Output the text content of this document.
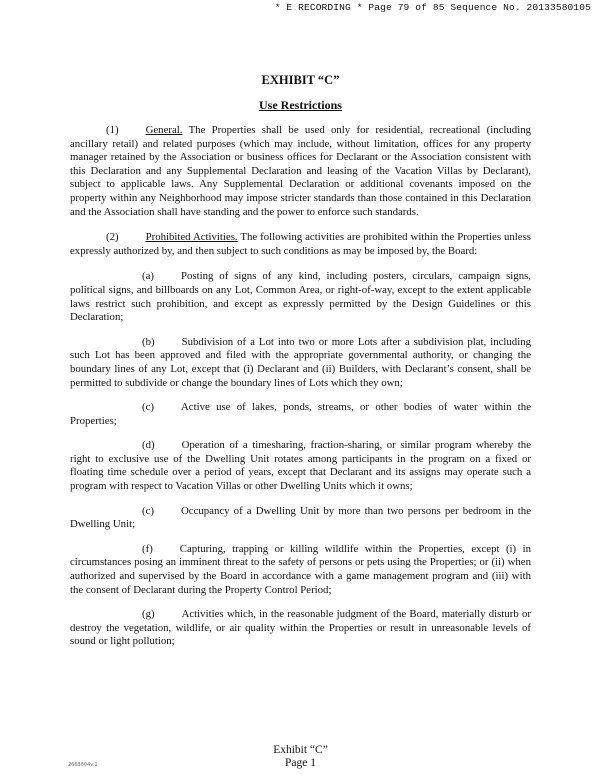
* E RECORDING * Page 79 of 85 Sequence No. 20133580105
EXHIBIT “C”
Use Restrictions

(1)   	General. The Properties shall be used only for residential, recreational (including ancillary retail) and related purposes (which may include, without limitation, offices for any property manager retained by the Association or business offices for Declarant or the Association consistent with this Declaration and any Supplemental Declaration and leasing of the Vacation Villas by Declarant), subject to applicable laws. Any Supplemental Declaration or additional covenants imposed on the property within any Neighborhood may impose stricter standards than those contained in this Declaration and the Association shall have standing and the power to enforce such standards.

(2)   	Prohibited Activities. The following activities are prohibited within the Properties unless expressly authorized by, and then subject to such conditions as may be imposed by, the Board:

(a)   	Posting of signs of any kind, including posters, circulars, campaign signs, political signs, and billboards on any Lot, Common Area, or right-of-way, except to the extent applicable laws restrict such prohibition, and except as expressly permitted by the Design Guidelines or this Declaration;

(b)   	Subdivision of a Lot into two or more Lots after a subdivision plat, including such Lot has been approved and filed with the appropriate governmental authority, or changing the boundary lines of any Lot, except that (i) Declarant and (ii) Builders, with Declarant’s consent, shall be permitted to subdivide or change the boundary lines of Lots which they own;

(c)   	Active use of lakes, ponds, streams, or other bodies of water within the Properties;

(d)   	Operation of a timesharing, fraction-sharing, or similar program whereby the right to exclusive use of the Dwelling Unit rotates among participants in the program on a fixed or floating time schedule over a period of years, except that Declarant and its assigns may operate such a program with respect to Vacation Villas or other Dwelling Units which it owns;

(c)   	Occupancy of a Dwelling Unit by more than two persons per bedroom in the Dwelling Unit;

(f)   	Capturing, trapping or killing wildlife within the Properties, except (i) in circumstances posing an imminent threat to the safety of persons or pets using the Properties; or (ii) when authorized and supervised by the Board in accordance with a game management program and (iii) with the consent of Declarant during the Property Control Period;

(g)   	Activities which, in the reasonable judgment of the Board, materially disturb or destroy the vegetation, wildlife, or air quality within the Properties or result in unreasonable levels of sound or light pollution;

Exhibit “C”
Page 1
2663604v.1
